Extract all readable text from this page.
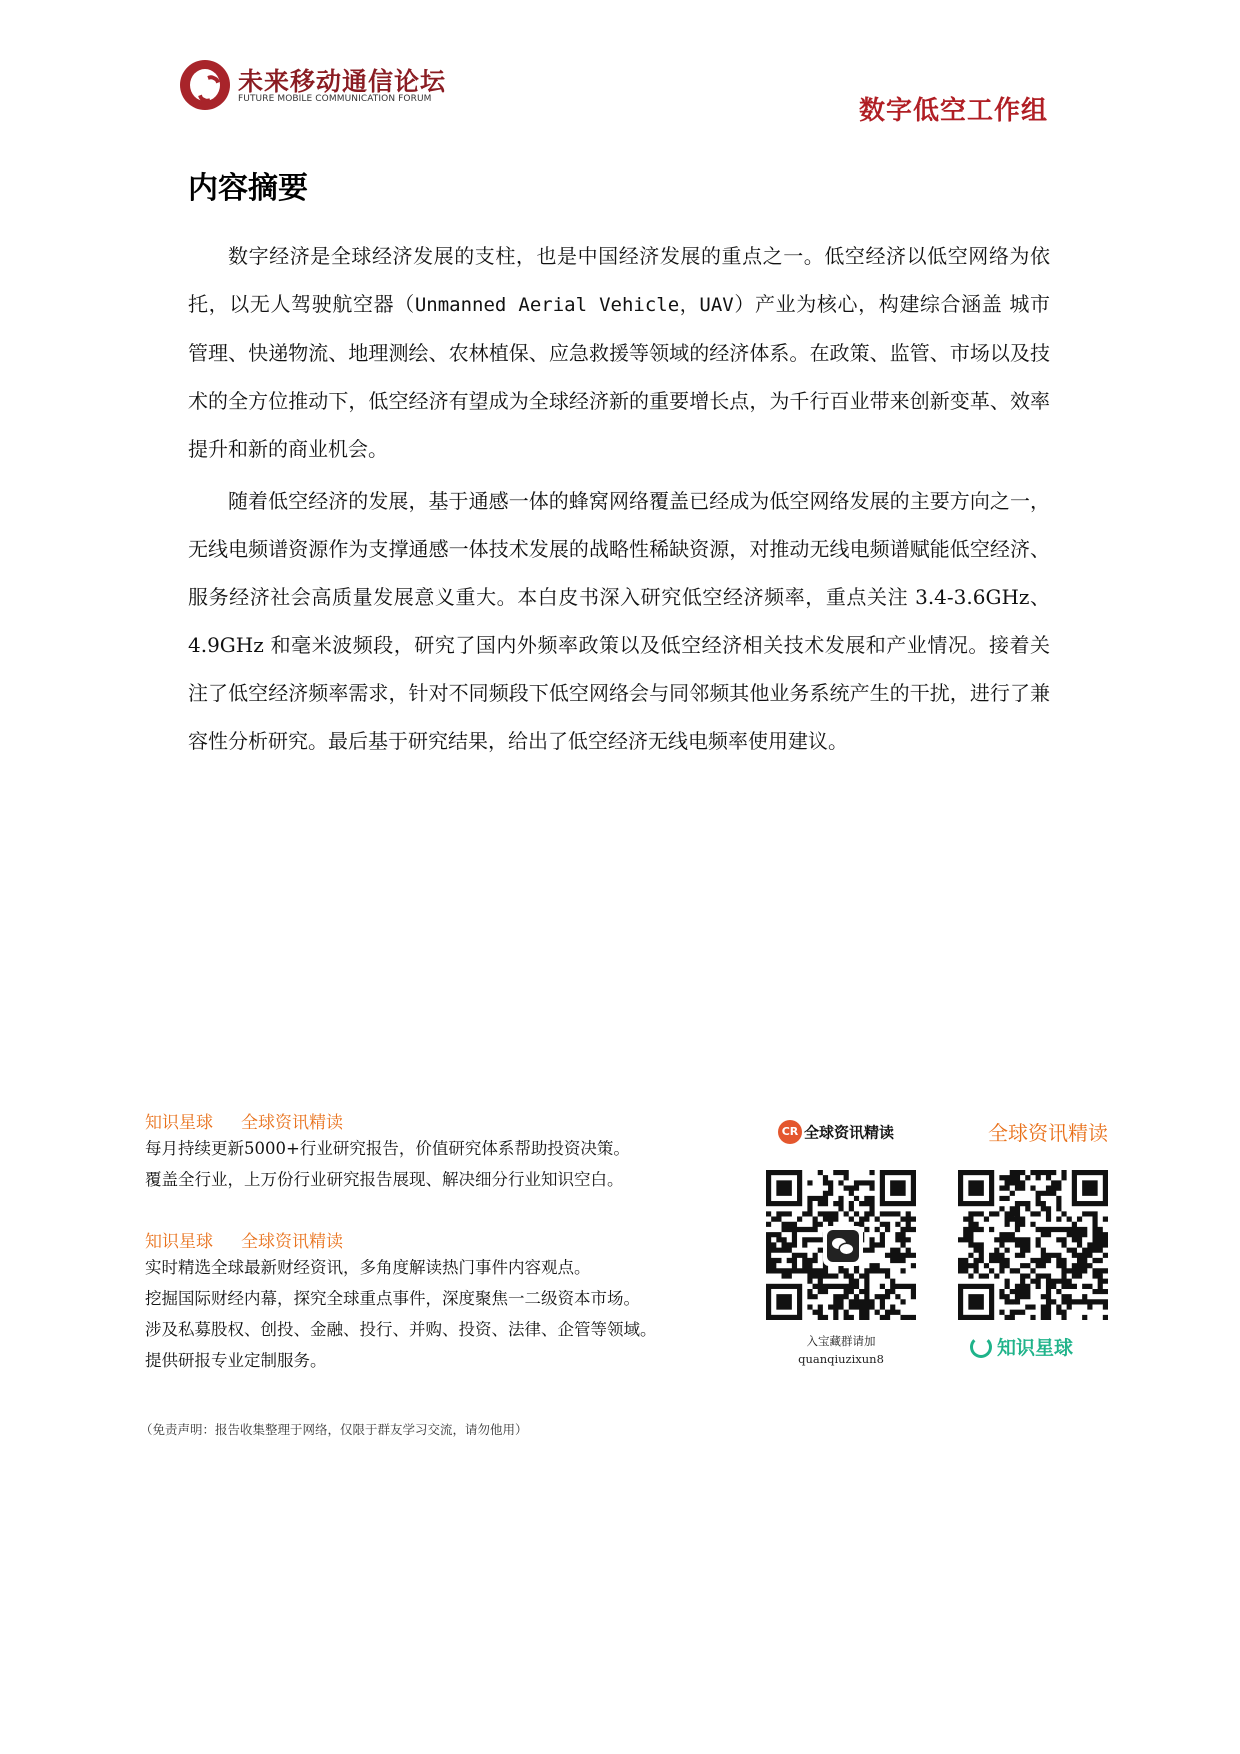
未来移动通信论坛
FUTURE MOBILE COMMUNICATION FORUM	数字低空工作组
内容摘要

数字经济是全球经济发展的支柱，也是中国经济发展的重点之一。低空经济以低空网络为依托，以无人驾驶航空器（Unmanned Aerial Vehicle，UAV）产业为核心，构建综合涵盖 城市管理、快递物流、地理测绘、农林植保、应急救援等领域的经济体系。在政策、监管、市场以及技术的全方位推动下，低空经济有望成为全球经济新的重要增长点，为千行百业带来创新变革、效率提升和新的商业机会。

随着低空经济的发展，基于通感一体的蜂窝网络覆盖已经成为低空网络发展的主要方向之一，无线电频谱资源作为支撑通感一体技术发展的战略性稀缺资源，对推动无线电频谱赋能低空经济、服务经济社会高质量发展意义重大。本白皮书深入研究低空经济频率，重点关注 3.4-3.6GHz、4.9GHz 和毫米波频段，研究了国内外频率政策以及低空经济相关技术发展和产业情况。接着关注了低空经济频率需求，针对不同频段下低空网络会与同邻频其他业务系统产生的干扰，进行了兼容性分析研究。最后基于研究结果，给出了低空经济无线电频率使用建议。

知识星球 全球资讯精读
每月持续更新5000+行业研究报告，价值研究体系帮助投资决策。
覆盖全行业，上万份行业研究报告展现、解决细分行业知识空白。
知识星球 全球资讯精读
实时精选全球最新财经资讯，多角度解读热门事件内容观点。
挖掘国际财经内幕，探究全球重点事件，深度聚焦一二级资本市场。
涉及私募股权、创投、金融、投行、并购、投资、法律、企管等领域。
提供研报专业定制服务。
CR 全球资讯精读
入宝藏群请加
quanqiuzixun8
全球资讯精读
知识星球
（免责声明：报告收集整理于网络，仅限于群友学习交流，请勿他用）
